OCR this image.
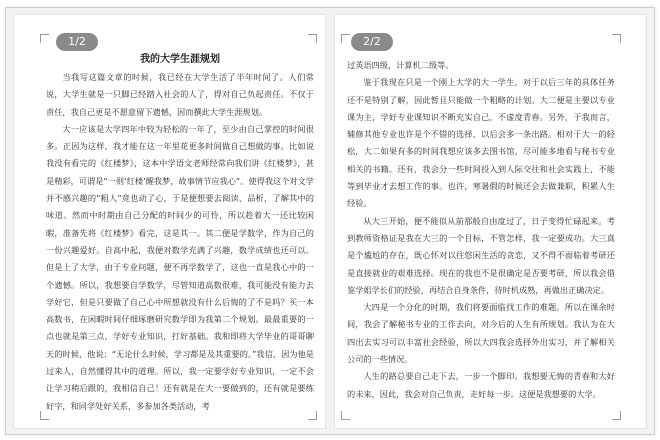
1/2
我的大学生涯规划

当我写这篇文章的时候，我已经在大学生活了半年时间了。人们常说，大学生就是一只脚已经踏入社会的人了，得对自己负起责任。不仅于责任，我自己更是不愿意留下遗憾，因而撰此大学生涯规划。

大一应该是大学四年中较为轻松的一年了，至少由自己掌控的时间很多。正因为这样，我才能在这一年里花更多时间做自己想做的事。比如说我没有看完的《红楼梦》，这本中学语文老师经常向我们讲《红楼梦》，甚是精彩，可谓是“一则‘红楼’醒我梦，故事情节应我心”。使得我这个对文学并不感兴趣的“粗人”竟也动了心，于是便想要去阅读、品析，了解其中的味道。然而中时期由自己分配的时间少的可怜，所以趁着大一还比较闲暇，准备先将《红楼梦》看完，这是其一。其二便是学数学，作为自己的一份兴趣爱好。自高中起，我便对数学充满了兴趣，数学成绩也还可以。但是上了大学，由于专业问题，便不再学数学了，这也一直是我心中的一个遗憾。所以，我想要自学数学，尽管知道高数很难，我可能没有能力去学好它，但是只要做了自己心中所想就没有什么后悔的了不是吗？买一本高数书，在闲暇时间仔细琢磨研究数学即为我第二个规划。最最重要的一点也就是第三点，学好专业知识，打好基础。我和即将大学毕业的哥哥聊天的时候，他说：“无论什么时候，学习都是及其重要的。”我信，因为他是过来人，自然懂得其中的道理。所以，我一定要学好专业知识，一定不会让学习稍后跟的，我相信自己！还有就是在大一要做到的，还有就是要练好字，和同学处好关系，多参加各类活动，考

2/2

过英语四级，计算机二级等。

鉴于我现在只是一个刚上大学的大一学生，对于以后三年的具体任务还不是特别了解，因此暂且只能做一个粗略的计划。大二便是主要以专业课为主，学好专业课知识不断充实自己，不虚度青春。另外，于我而言，辅修其他专业也许是个不错的选择，以后会多一条出路。相对于大一的轻松，大二如果有多的时间我想应该多去图书馆，尽可能多地看与秘书专业相关的书籍。还有，我会分一些时间投入到人际交往和社会实践上，不能等到毕业才去想工作的事。也许，寒暑假的时候还会去做兼职，积累人生经验。

从大三开始，便不能似从前那般自由度过了，日子变得忙碌起来。考到教师资格证是我在大三的一个目标，不管怎样，我一定要成功。大三真是个尴尬的存在，既心怀对以往悠闲生活的贪恋，又不得不面临着考研还是直接就业的艰难选择。现在的我也不是很确定是否要考研，所以我会借鉴学姐学长们的经验，再结合自身条件，待时机成熟，再做出正确决定。

大四是一个分化的时期，我们将要面临找工作的难题。所以在课余时间，我会了解秘书专业的工作去向，对今后的人生有所规划。我认为在大四出去实习可以丰富社会经验，所以大四我会选择外出实习，并了解相关公司的一些情况。

人生的路总要自己走下去，一步一个脚印。我想要无悔的青春和大好的未来，因此，我会对自己负责，走好每一步。这便是我想要的大学。
